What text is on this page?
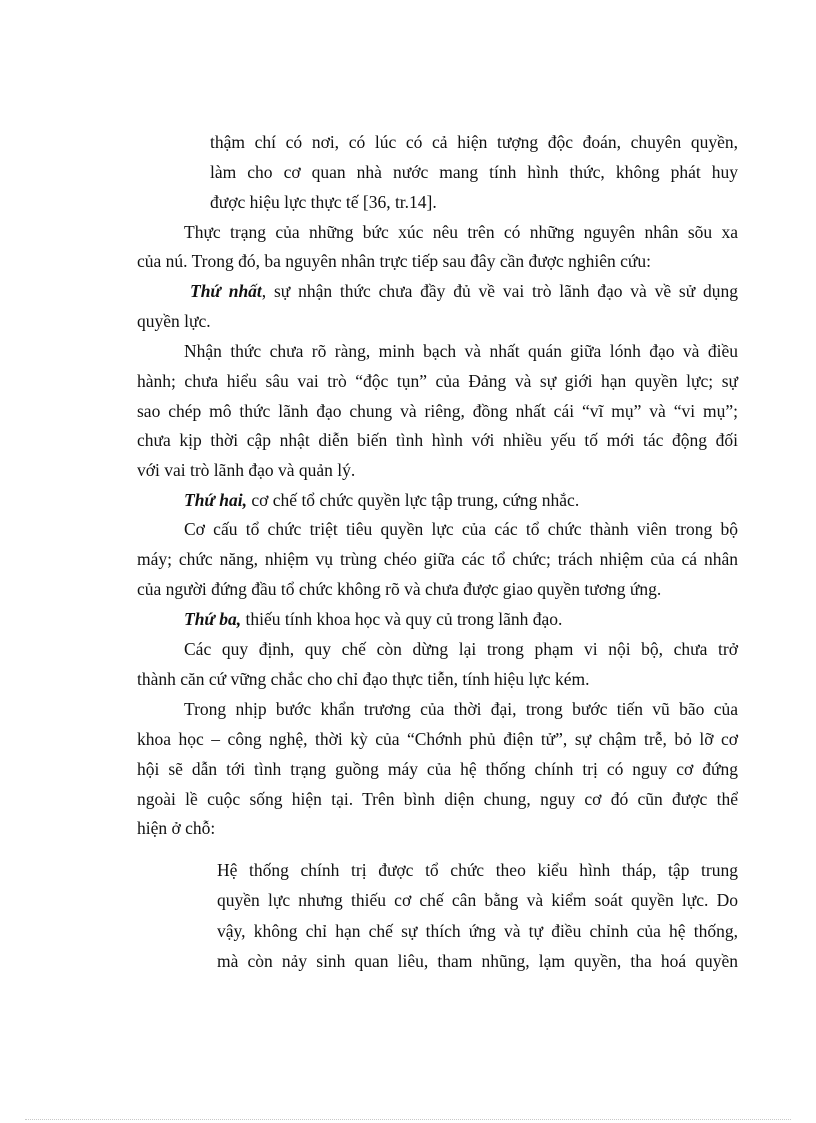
thậm chí có nơi, có lúc có cả hiện tượng độc đoán, chuyên quyền,
làm cho cơ quan nhà nước mang tính hình thức, không phát huy
được hiệu lực thực tế [36, tr.14].
Thực trạng của những bức xúc nêu trên có những nguyên nhân sõu xa
của nú. Trong đó, ba nguyên nhân trực tiếp sau đây cần được nghiên cứu:
Thứ nhất, sự nhận thức chưa đầy đủ về vai trò lãnh đạo và về sử dụng
quyền lực.
Nhận thức chưa rõ ràng, minh bạch và nhất quán giữa lónh đạo và điều
hành; chưa hiểu sâu vai trò “độc tụn” của Đảng và sự giới hạn quyền lực; sự
sao chép mô thức lãnh đạo chung và riêng, đồng nhất cái “vĩ mụ” và “vi mụ”;
chưa kịp thời cập nhật diễn biến tình hình với nhiều yếu tố mới tác động đối
với vai trò lãnh đạo và quản lý.
Thứ hai, cơ chế tổ chức quyền lực tập trung, cứng nhắc.
Cơ cấu tổ chức triệt tiêu quyền lực của các tổ chức thành viên trong bộ
máy; chức năng, nhiệm vụ trùng chéo giữa các tổ chức; trách nhiệm của cá nhân
của người đứng đầu tổ chức không rõ và chưa được giao quyền tương ứng.
Thứ ba, thiếu tính khoa học và quy củ trong lãnh đạo.
Các quy định, quy chế còn dừng lại trong phạm vi nội bộ, chưa trở
thành căn cứ vững chắc cho chỉ đạo thực tiễn, tính hiệu lực kém.
Trong nhịp bước khẩn trương của thời đại, trong bước tiến vũ bão của
khoa học – công nghệ, thời kỳ của “Chớnh phủ điện tử”, sự chậm trễ, bỏ lỡ cơ
hội sẽ dẫn tới tình trạng guồng máy của hệ thống chính trị có nguy cơ đứng
ngoài lề cuộc sống hiện tại. Trên bình diện chung, nguy cơ đó cũn được thể
hiện ở chỗ:
Hệ thống chính trị được tổ chức theo kiểu hình tháp, tập trung
quyền lực nhưng thiếu cơ chế cân bằng và kiểm soát quyền lực. Do
vậy, không chỉ hạn chế sự thích ứng và tự điều chỉnh của hệ thống,
mà còn nảy sinh quan liêu, tham nhũng, lạm quyền, tha hoá quyền
